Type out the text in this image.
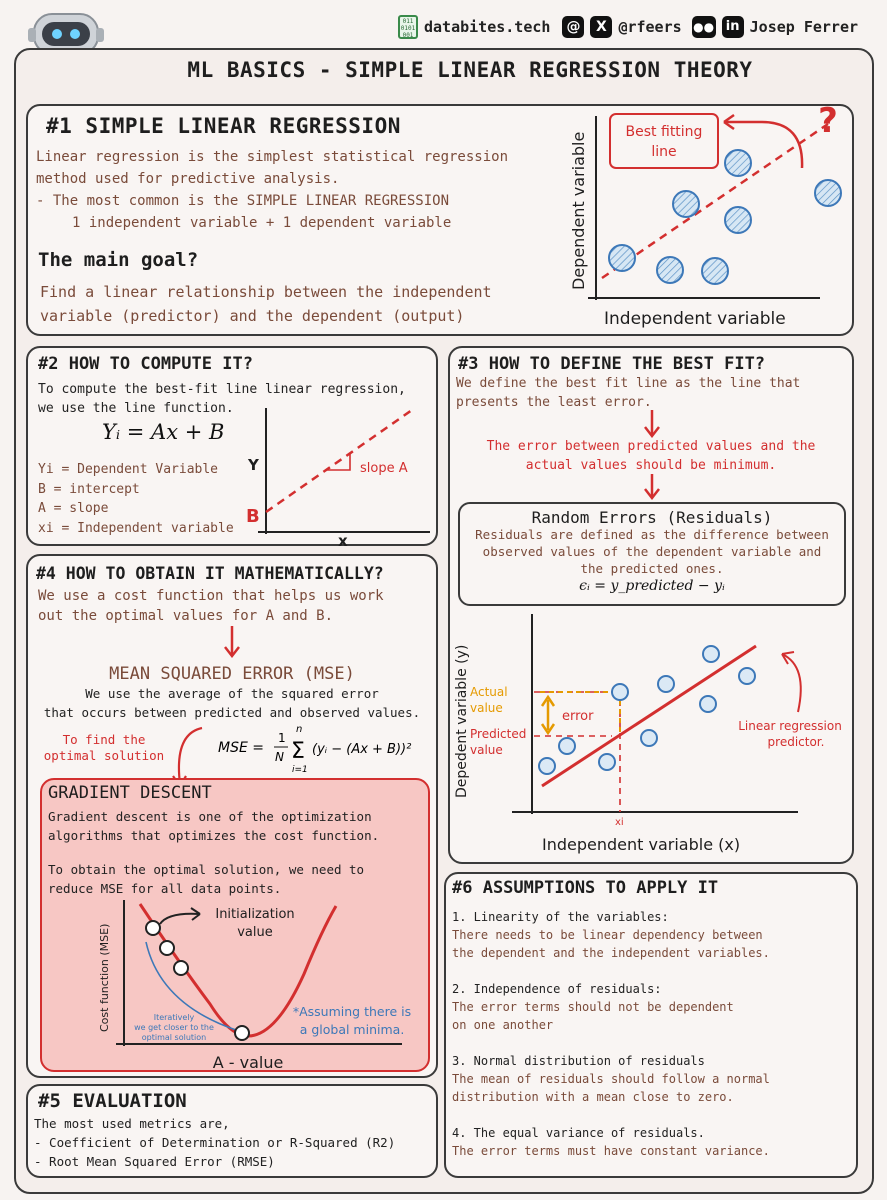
011
0101
001 databites.tech @	X @rfeers ●● in Josep Ferrer
ML BASICS - SIMPLE LINEAR REGRESSION THEORY
#1 SIMPLE LINEAR REGRESSION
Linear regression is the simplest statistical regression
method used for predictive analysis.
- The most common is the SIMPLE LINEAR REGRESSION
1 independent variable + 1 dependent variable
The main goal?
Find a linear relationship between the independent
variable (predictor) and the dependent (output)
Best fitting
line
?
Dependent variable
Independent variable
#2 HOW TO COMPUTE IT?
To compute the best-fit line linear regression,
we use the line function.
Yᵢ = Ax + B
Yi = Dependent Variable
B = intercept
A = slope
xi = Independent variable
slope A
B
Y
x
#3 HOW TO DEFINE THE BEST FIT?
We define the best fit line as the line that
presents the least error.
The error between predicted values and the
actual values should be minimum.
Random Errors (Residuals)
Residuals are defined as the difference between
observed values of the dependent variable and
the predicted ones.
ϵᵢ = y_predicted − yᵢ
error
Actual
value
Predicted
value
xi
Linear regression
predictor.
Depedent variable (y)
Independent variable (x)
#4 HOW TO OBTAIN IT MATHEMATICALLY?
We use a cost function that helps us work
out the optimal values for A and B.
MEAN SQUARED ERROR (MSE)
We use the average of the squared error
that occurs between predicted and observed values.
To find the
optimal solution	MSE =
1
N
n
Σ
i=1
(yᵢ − (Ax + B))²
GRADIENT DESCENT
Gradient descent is one of the optimization
algorithms that optimizes the cost function.
To obtain the optimal solution, we need to
reduce MSE for all data points.
Initialization
value
Iteratively
we get closer to the
optimal solution
*Assuming there is
a global minima.
Cost function (MSE)
A - value
#5 EVALUATION
The most used metrics are,
- Coefficient of Determination or R-Squared (R2)
- Root Mean Squared Error (RMSE)
#6 ASSUMPTIONS TO APPLY IT
1. Linearity of the variables:
There needs to be linear dependency between
the dependent and the independent variables.
2. Independence of residuals:
The error terms should not be dependent
on one another
3. Normal distribution of residuals
The mean of residuals should follow a normal
distribution with a mean close to zero.
4. The equal variance of residuals.
The error terms must have constant variance.
